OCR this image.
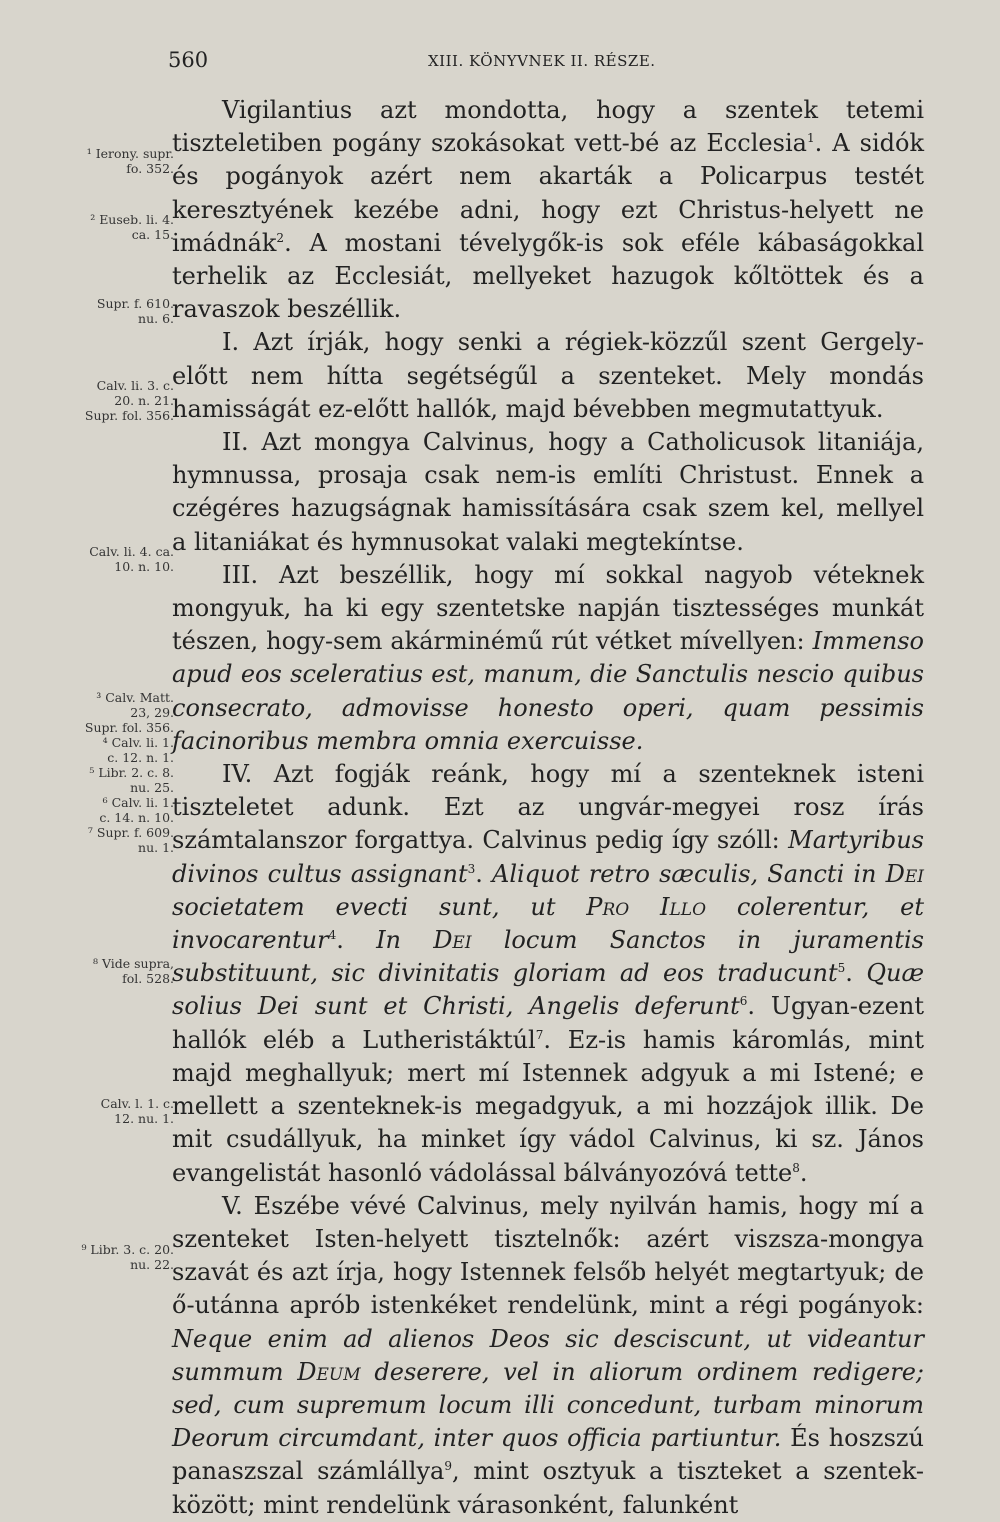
560	XIII. KÖNYVNEK II. RÉSZE.

Vigilantius azt mondotta, hogy a szentek tetemi tiszteletiben pogány szokásokat vett-bé az Ecclesia$^1$. A sidók és pogányok azért nem akarták a Policarpus testét keresztyének kezébe adni, hogy ezt Christus-helyett ne imádnák$^2$. A mostani tévelygők-is sok eféle kábaságokkal terhelik az Ecclesiát, mellyeket hazugok kőltöttek és a ravaszok beszéllik.

I. Azt írják, hogy senki a régiek-közzűl szent Gergely-előtt nem hítta segétségűl a szenteket. Mely mondás hamisságát ez-előtt hallók, majd bévebben megmutattyuk.

II. Azt mongya Calvinus, hogy a Catholicusok litaniája, hymnussa, prosaja csak nem-is említi Christust. Ennek a czégéres hazugságnak hamissítására csak szem kel, mellyel a litaniákat és hymnusokat valaki megtekíntse.

III. Azt beszéllik, hogy mí sokkal nagyob véteknek mongyuk, ha ki egy szentetske napján tisztességes munkát tészen, hogy-sem akárminémű rút vétket mívellyen: Immenso apud eos sceleratius est, manum, die Sanctulis nescio quibus consecrato, admovisse honesto operi, quam pessimis facinoribus membra omnia exercuisse.

IV. Azt fogják reánk, hogy mí a szenteknek isteni tiszteletet adunk. Ezt az ungvár-megyei rosz írás számtalanszor forgattya. Calvinus pedig így szóll: Martyribus divinos cultus assignant$^3$. Aliquot retro sæculis, Sancti in Dei societatem evecti sunt, ut Pro Illo colerentur, et invocarentur$^4$. In Dei locum Sanctos in juramentis substituunt, sic divinitatis gloriam ad eos traducunt$^5$. Quæ solius Dei sunt et Christi, Angelis deferunt$^6$. Ugyan-ezent hallók eléb a Lutheristáktúl$^7$. Ez-is hamis káromlás, mint majd meghallyuk; mert mí Istennek adgyuk a mi Istené; e mellett a szenteknek-is megadgyuk, a mi hozzájok illik. De mit csudállyuk, ha minket így vádol Calvinus, ki sz. János evangelistát hasonló vádolással bálványozóvá tette$^8$.

V. Eszébe vévé Calvinus, mely nyilván hamis, hogy mí a szenteket Isten-helyett tisztelnők: azért viszsza-mongya szavát és azt írja, hogy Istennek felsőb helyét megtartyuk; de ő-utánna aprób istenkéket rendelünk, mint a régi pogányok: Neque enim ad alienos Deos sic desciscunt, ut videantur summum Deum deserere, vel in aliorum ordinem redigere; sed, cum supremum locum illi concedunt, turbam minorum Deorum circumdant, inter quos officia partiuntur. És hoszszú panaszszal számlállya$^9$, mint osztyuk a tiszteket a szentek-között; mint rendelünk várasonként, falunként

¹ Ierony. supr.
fo. 352.
² Euseb. li. 4.
ca. 15.
Supr. f. 610.
nu. 6.
Calv. li. 3. c.
20. n. 21.
Supr. fol. 356.
Calv. li. 4. ca.
10. n. 10.
³ Calv. Matt.
23, 29.
Supr. fol. 356.
⁴ Calv. li. 1.
c. 12. n. 1.
⁵ Libr. 2. c. 8.
nu. 25.
⁶ Calv. li. 1.
c. 14. n. 10.
⁷ Supr. f. 609.
nu. 1.
⁸ Vide supra,
fol. 528.
Calv. l. 1. c.
12. nu. 1.
⁹ Libr. 3. c. 20.
nu. 22.
